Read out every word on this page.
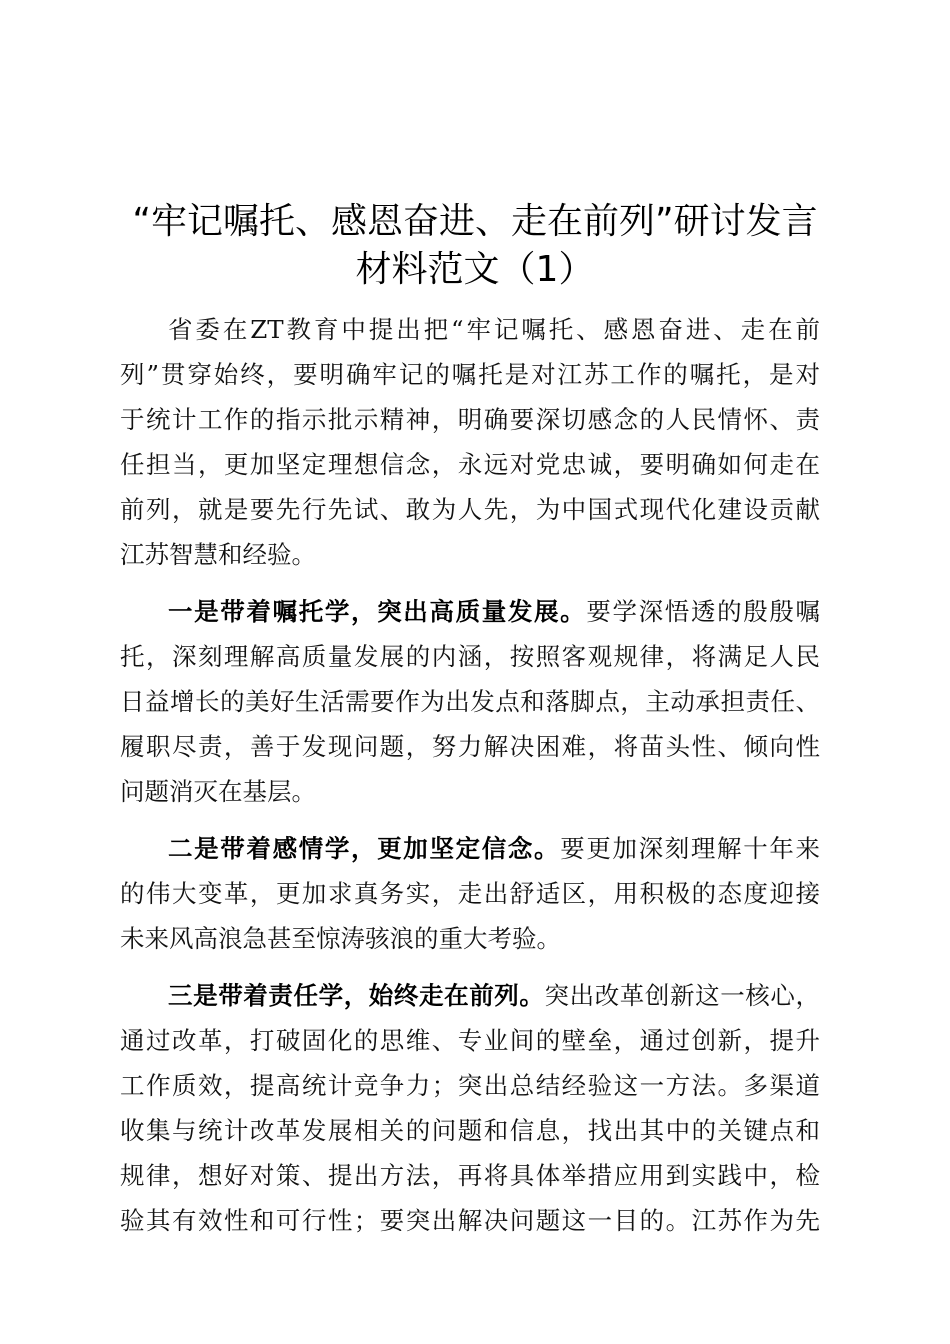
“牢记嘱托、感恩奋进、走在前列”研讨发言
材料范文（1）
省委在ZT教育中提出把“牢记嘱托、感恩奋进、走在前
列”贯穿始终，要明确牢记的嘱托是对江苏工作的嘱托，是对
于统计工作的指示批示精神，明确要深切感念的人民情怀、责
任担当，更加坚定理想信念，永远对党忠诚，要明确如何走在
前列，就是要先行先试、敢为人先，为中国式现代化建设贡献
江苏智慧和经验。
一是带着嘱托学，突出高质量发展。要学深悟透的殷殷嘱
托，深刻理解高质量发展的内涵，按照客观规律，将满足人民
日益增长的美好生活需要作为出发点和落脚点，主动承担责任、
履职尽责，善于发现问题，努力解决困难，将苗头性、倾向性
问题消灭在基层。
二是带着感情学，更加坚定信念。要更加深刻理解十年来
的伟大变革，更加求真务实，走出舒适区，用积极的态度迎接
未来风高浪急甚至惊涛骇浪的重大考验。
三是带着责任学，始终走在前列。突出改革创新这一核心，
通过改革，打破固化的思维、专业间的壁垒，通过创新，提升
工作质效，提高统计竞争力；突出总结经验这一方法。多渠道
收集与统计改革发展相关的问题和信息，找出其中的关键点和
规律，想好对策、提出方法，再将具体举措应用到实践中，检
验其有效性和可行性；要突出解决问题这一目的。江苏作为先
